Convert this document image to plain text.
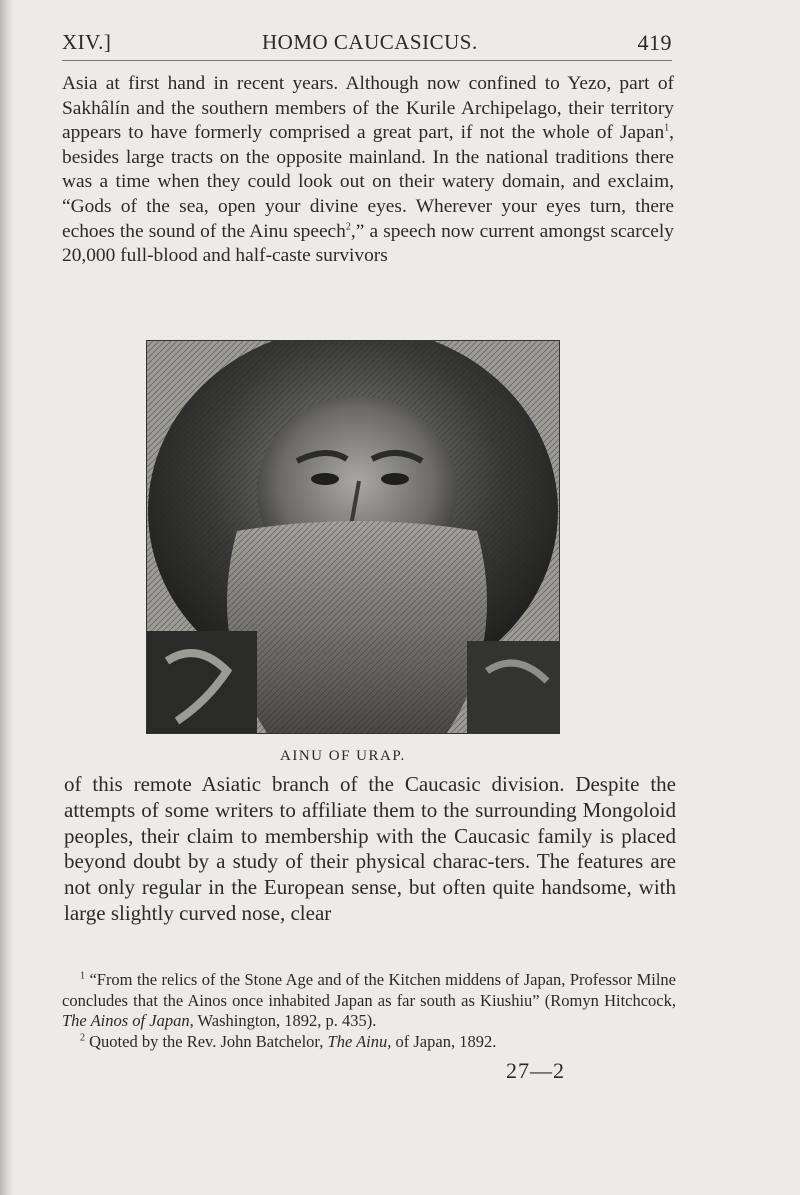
XIV.]	HOMO CAUCASICUS.	419
Asia at first hand in recent years. Although now confined to Yezo, part of Sakhâlín and the southern members of the Kurile Archipelago, their territory appears to have formerly comprised a great part, if not the whole of Japan$^1$, besides large tracts on the opposite mainland. In the national traditions there was a time when they could look out on their watery domain, and exclaim, “Gods of the sea, open your divine eyes. Wherever your eyes turn, there echoes the sound of the Ainu speech$^2$,” a speech now current amongst scarcely 20,000 full-blood and half-caste survivors
AINU OF URAP.
of this remote Asiatic branch of the Caucasic division. Despite the attempts of some writers to affiliate them to the surrounding Mongoloid peoples, their claim to membership with the Caucasic family is placed beyond doubt by a study of their physical charac-ters. The features are not only regular in the European sense, but often quite handsome, with large slightly curved nose, clear

$^1$ “From the relics of the Stone Age and of the Kitchen middens of Japan, Professor Milne concludes that the Ainos once inhabited Japan as far south as Kiushiu” (Romyn Hitchcock, The Ainos of Japan, Washington, 1892, p. 435).

$^2$ Quoted by the Rev. John Batchelor, The Ainu, of Japan, 1892.

27—2
